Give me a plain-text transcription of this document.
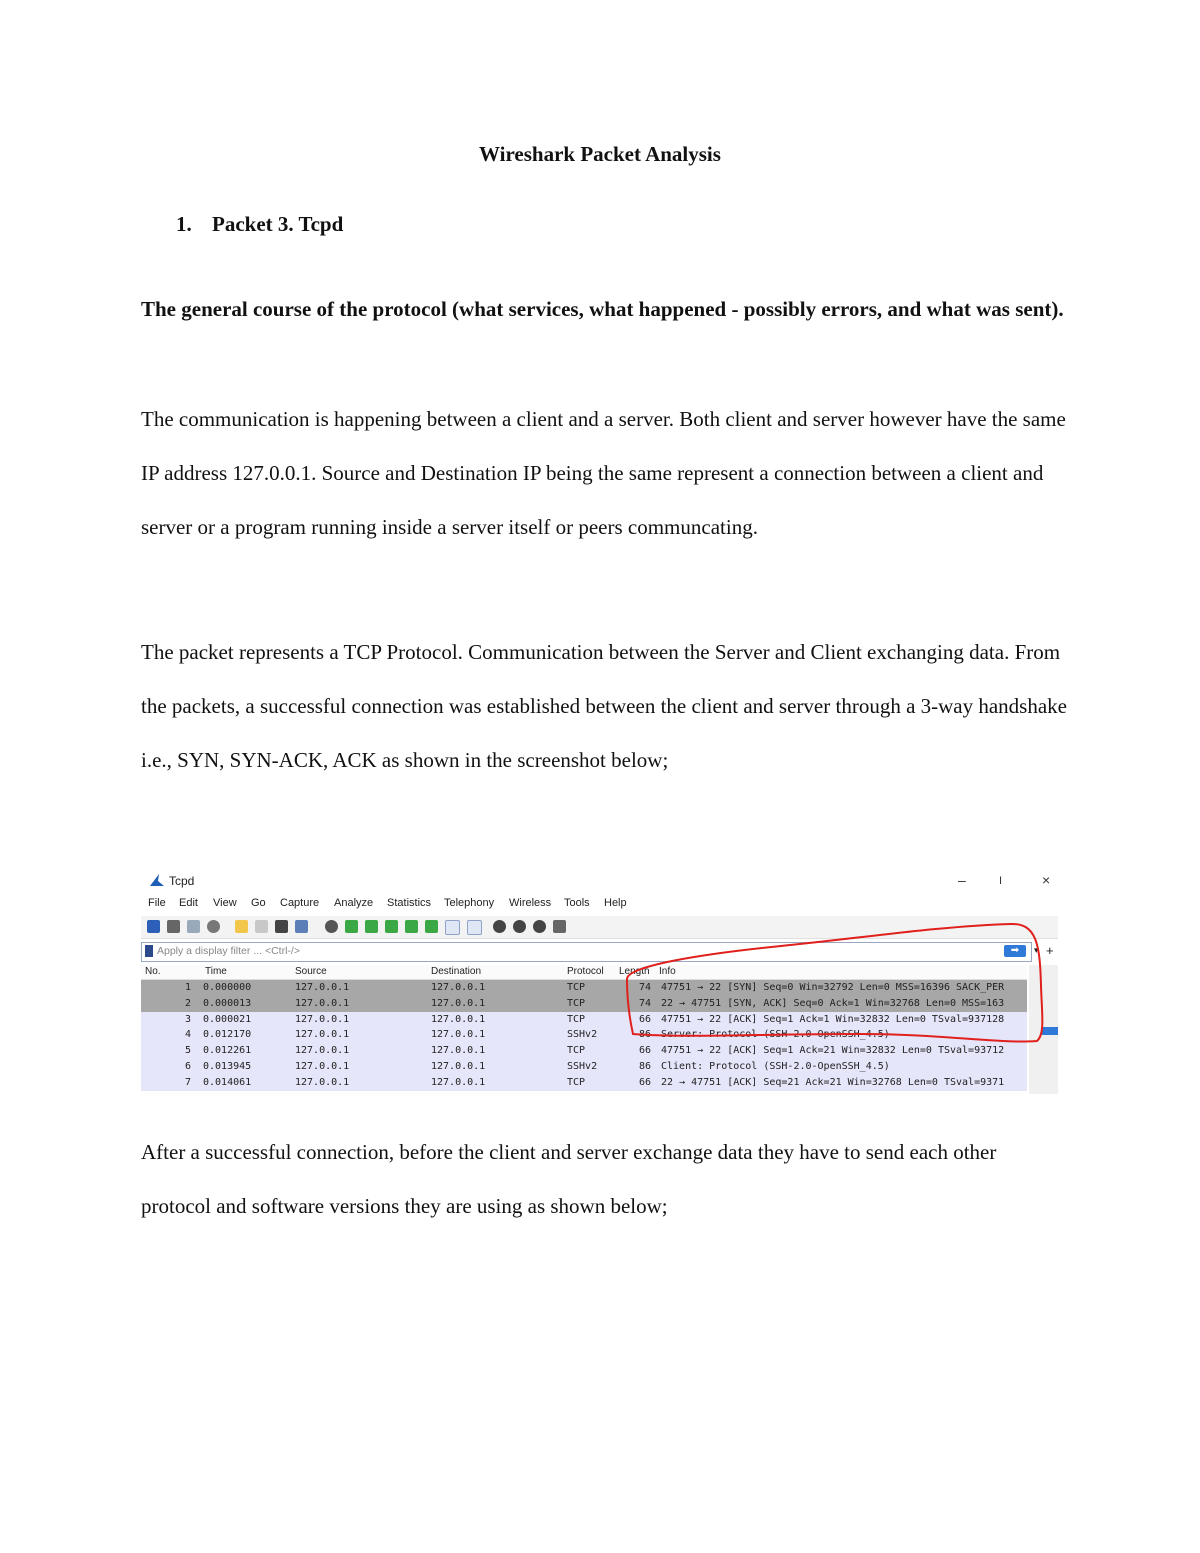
Wireshark Packet Analysis
1. Packet 3. Tcpd
The general course of the protocol (what services, what happened - possibly errors, and what was sent).
The communication is happening between a client and a server. Both client and server however have the same IP address 127.0.0.1. Source and Destination IP being the same represent a connection between a client and server or a program running inside a server itself or peers communcating.
The packet represents a TCP Protocol. Communication between the Server and Client exchanging data. From the packets, a successful connection was established between the client and server through a 3-way handshake i.e., SYN, SYN-ACK, ACK as shown in the screenshot below;
Tcpd	–	I	×
File Edit View Go Capture Analyze Statistics Telephony Wireless Tools Help
Apply a display filter ... <Ctrl-/>	➡	▾ +
No.	Time	Source	Destination	Protocol Length Info
1 0.000000	127.0.0.1	127.0.0.1	TCP	74 47751 → 22 [SYN] Seq=0 Win=32792 Len=0 MSS=16396 SACK_PER
2 0.000013	127.0.0.1	127.0.0.1	TCP	74 22 → 47751 [SYN, ACK] Seq=0 Ack=1 Win=32768 Len=0 MSS=163
3 0.000021	127.0.0.1	127.0.0.1	TCP	66 47751 → 22 [ACK] Seq=1 Ack=1 Win=32832 Len=0 TSval=937128
4 0.012170	127.0.0.1	127.0.0.1	SSHv2	86 Server: Protocol (SSH-2.0-OpenSSH_4.5)
5 0.012261	127.0.0.1	127.0.0.1	TCP	66 47751 → 22 [ACK] Seq=1 Ack=21 Win=32832 Len=0 TSval=93712
6 0.013945	127.0.0.1	127.0.0.1	SSHv2	86 Client: Protocol (SSH-2.0-OpenSSH_4.5)
7 0.014061	127.0.0.1	127.0.0.1	TCP	66 22 → 47751 [ACK] Seq=21 Ack=21 Win=32768 Len=0 TSval=9371
After a successful connection, before the client and server exchange data they have to send each other protocol and software versions they are using as shown below;
